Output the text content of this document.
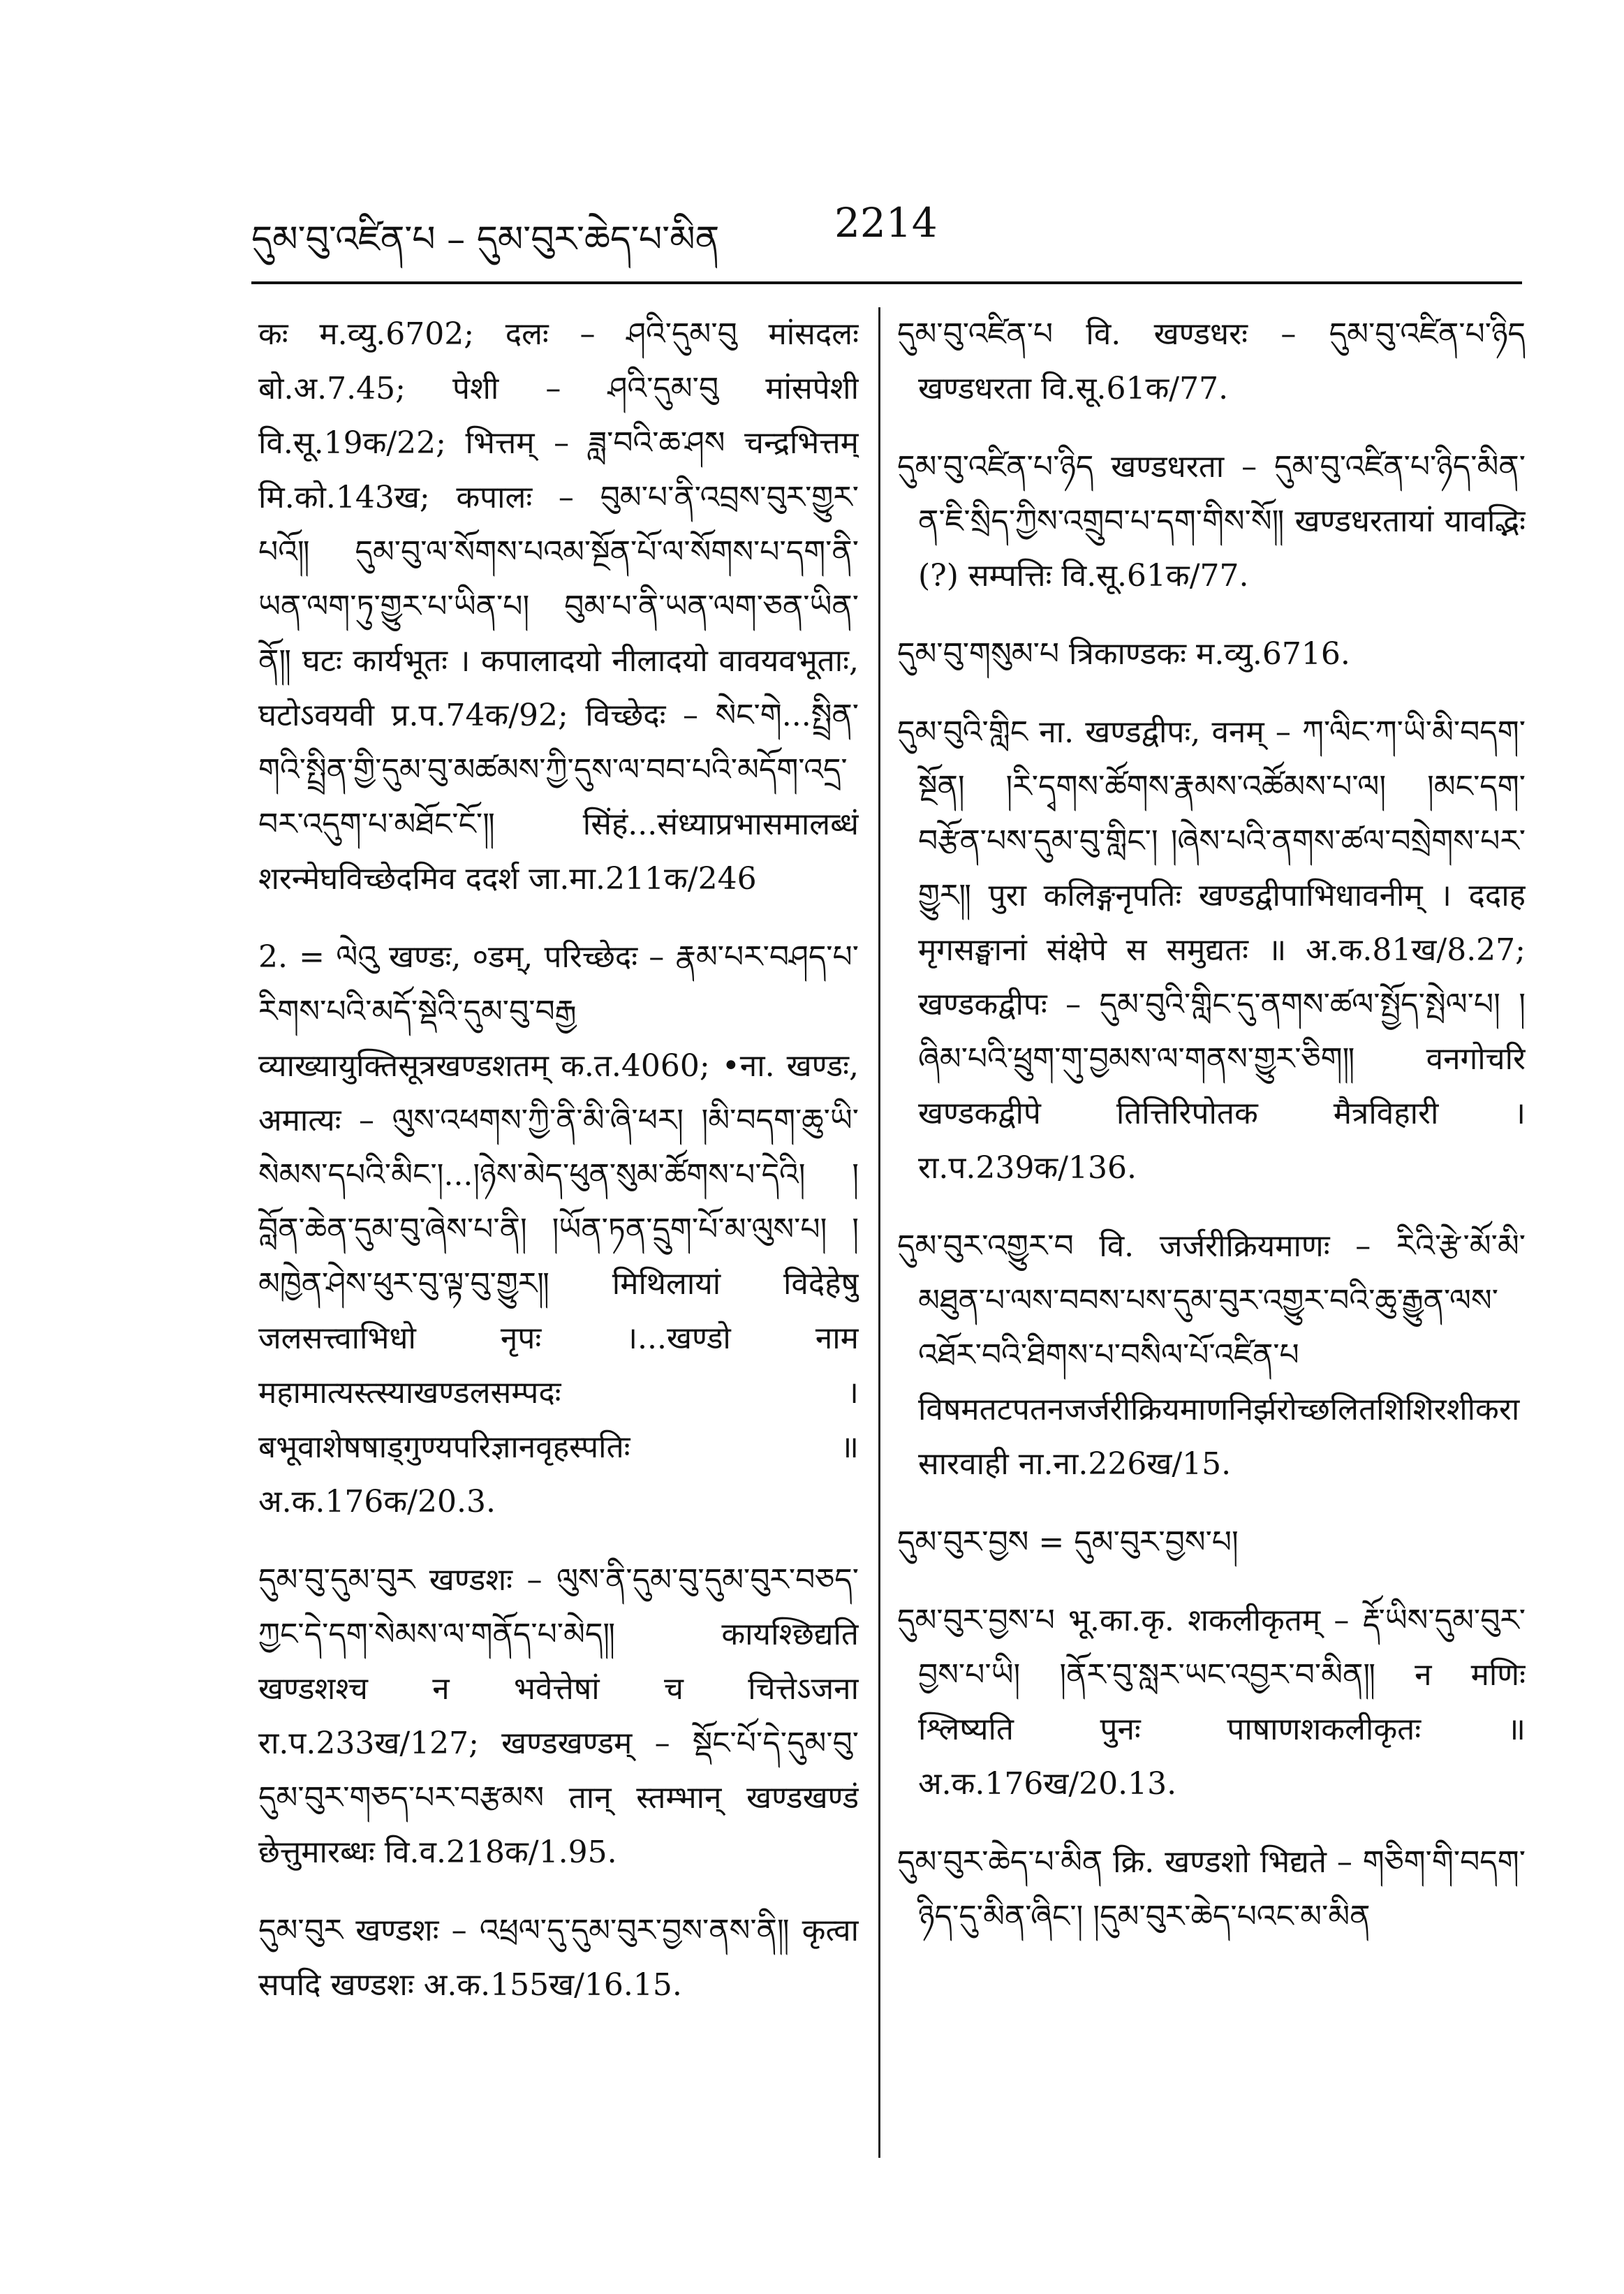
དུམ་བུ་འཛིན་པ – དུམ་བུར་ཆེད་པ་མིན	2214

कः म.व्यु.6702; दलः – ཤའི་དུམ་བུ मांसदलः बो.अ.7.45; पेशी – ཤའི་དུམ་བུ मांसपेशी वि.सू.19क/22; भित्तम् – ཟླ་བའི་ཆ་ཤས चन्द्रभित्तम् मि.को.143ख; कपालः – བུམ་པ་ནི་འབྲས་བུར་གྱུར་པའོ༎ དུམ་བུ་ལ་སོགས་པའམ་སྔོན་པོ་ལ་སོགས་པ་དག་ནི་ཡན་ལག་ཏུ་གྱུར་པ་ཡིན་པ། བུམ་པ་ནི་ཡན་ལག་ཅན་ཡིན་ནོ༎ घटः कार्यभूतः । कपालादयो नीलादयो वावयवभूताः, घटोऽवयवी प्र.प.74क/92; विच्छेदः – སེང་གེ...སྤྲིན་གའི་སྤྲིན་གྱི་དུམ་བུ་མཚམས་ཀྱི་དུས་ལ་བབ་པའི་མདོག་འདྲ་བར་འདུག་པ་མཐོང་ངོ་༎ सिंहं...संध्याप्रभासमालब्धं शरन्मेघविच्छेदमिव ददर्श जा.मा.211क/246

2. = ལེའུ खण्डः, ०डम्, परिच्छेदः – རྣམ་པར་བཤད་པ་རིགས་པའི་མདོ་སྡེའི་དུམ་བུ་བརྒྱ व्याख्यायुक्तिसूत्रखण्डशतम् क.त.4060; •ना. खण्डः, अमात्यः – ལུས་འཕགས་ཀྱི་ནི་མི་ཞི་ཕར། །མི་བདག་ཆུ་ཡི་སེམས་དཔའི་མིང་།...།ཉེས་མེད་ཕུན་སུམ་ཚོགས་པ་དེའི། །བློན་ཆེན་དུམ་བུ་ཞེས་པ་ནི། །ཡོན་ཏན་དྲུག་པོ་མ་ལུས་པ། །མཁྱེན་ཤེས་ཕུར་བུ་ལྟ་བུ་གྱུར༎ मिथिलायां विदेहेषु जलसत्त्वाभिधो नृपः ।...खण्डो नाम महामात्यस्त्स्याखण्डलसम्पदः । बभूवाशेषषाड्गुण्यपरिज्ञानवृहस्पतिः ॥ अ.क.176क/20.3.

དུམ་བུ་དུམ་བུར खण्डशः – ལུས་ནི་དུམ་བུ་དུམ་བུར་བཅད་ཀྱང་དེ་དག་སེམས་ལ་གནོད་པ་མེད༎ कायश्छिद्यति खण्डशश्च न भवेत्तेषां च चित्तेऽजना रा.प.233ख/127; खण्डखण्डम् – སྡོང་པོ་དེ་དུམ་བུ་དུམ་བུར་གཅད་པར་བརྩམས तान् स्तम्भान् खण्डखण्डं छेत्तुमारब्धः वि.व.218क/1.95.

དུམ་བུར खण्डशः – འཕྲལ་དུ་དུམ་བུར་བྱས་ནས་ནི༎ कृत्वा सपदि खण्डशः अ.क.155ख/16.15.

དུམ་བུ་འཛིན་པ वि. खण्डधरः – དུམ་བུ་འཛིན་པ་ཉིད खण्डधरता वि.सू.61क/77.

དུམ་བུ་འཛིན་པ་ཉིད खण्डधरता – དུམ་བུ་འཛིན་པ་ཉིད་མིན་ན་ཇི་སྲིད་ཀྱིས་འགྲུབ་པ་དག་གིས་སོ༎ खण्डधरतायां यावद्भिः (?) सम्पत्तिः वि.सू.61क/77.

དུམ་བུ་གསུམ་པ त्रिकाण्डकः म.व्यु.6716.

དུམ་བུའི་གླིང ना. खण्डद्वीपः, वनम् – ཀ་ལིང་ཀ་ཡི་མི་བདག་སྔོན། །རི་དྭགས་ཚོགས་རྣམས་འཚོམས་པ་ལ། །མང་དག་བརྩོན་པས་དུམ་བུ་གླིང་། །ཞེས་པའི་ནགས་ཚལ་བསྲེགས་པར་གྱུར༎ पुरा कलिङ्गनृपतिः खण्डद्वीपाभिधावनीम् । ददाह मृगसङ्घानां संक्षेपे स समुद्यतः ॥ अ.क.81ख/8.27; खण्डकद्वीपः – དུམ་བུའི་གླིང་དུ་ནགས་ཚལ་སྤྱོད་སྤེལ་པ། །ཞིམ་པའི་ཕྲུག་གུ་བྱམས་ལ་གནས་གྱུར་ཅིག༎ वनगोचरि खण्डकद्वीपे तित्तिरिपोतक मैत्रविहारी । रा.प.239क/136.

དུམ་བུར་འགྱུར་བ वि. जर्जरीक्रियमाणः – རིའི་རྩེ་མོ་མི་མཐུན་པ་ལས་བབས་པས་དུམ་བུར་འགྱུར་བའི་ཆུ་རྒྱུན་ལས་འཐོར་བའི་ཐིགས་པ་བསིལ་པོ་འཛིན་པ विषमतटपतनजर्जरीक्रियमाणनिर्झरोच्छलितशिशिरशीकरासारवाही ना.ना.226ख/15.

དུམ་བུར་བྱས = དུམ་བུར་བྱས་པ།

དུམ་བུར་བྱས་པ भू.का.कृ. शकलीकृतम् – རྡོ་ཡིས་དུམ་བུར་བྱས་པ་ཡི། །ནོར་བུ་སླར་ཡང་འབྱར་བ་མིན༎ न मणिः श्लिष्यति पुनः पाषाणशकलीकृतः ॥ अ.क.176ख/20.13.

དུམ་བུར་ཆེད་པ་མིན क्रि. खण्डशो भिद्यते – གཅིག་གི་བདག་ཉིད་དུ་མིན་ཞིང་། །དུམ་བུར་ཆེད་པའང་མ་མིན
